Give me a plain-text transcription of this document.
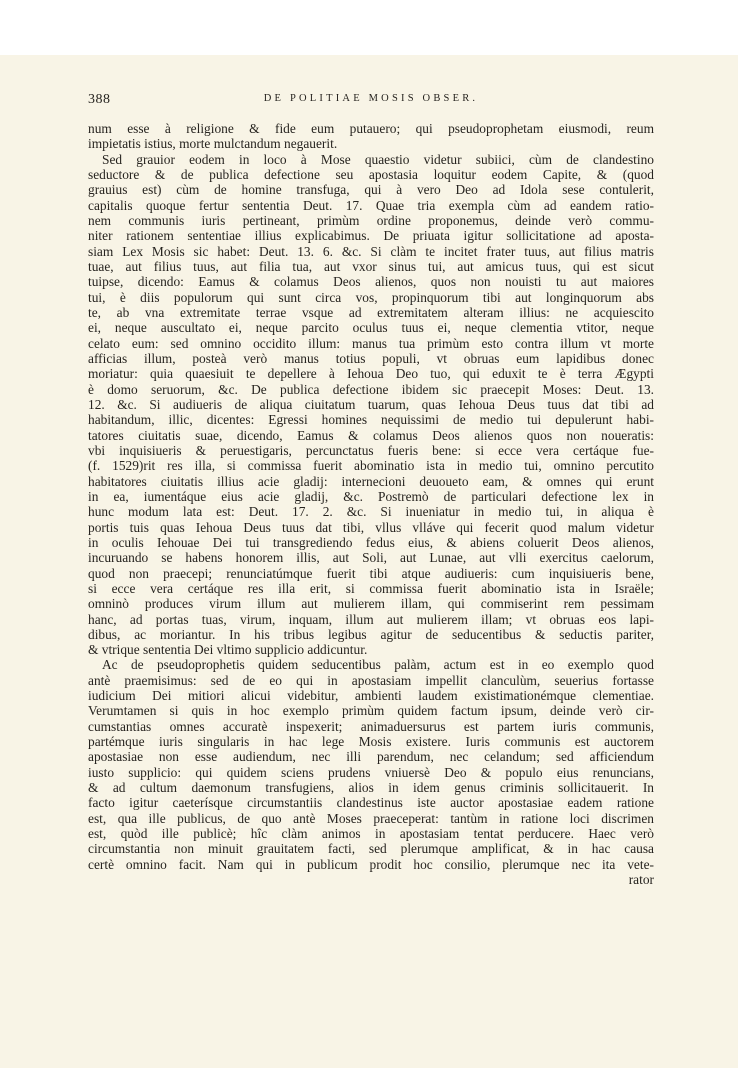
388	DE POLITIAE MOSIS OBSER.
num esse à religione & fide eum putauero; qui pseudoprophetam eiusmodi, reum
impietatis istius, morte mulctandum negauerit.
Sed grauior eodem in loco à Mose quaestio videtur subiici, cùm de clandestino
seductore & de publica defectione seu apostasia loquitur eodem Capite, & (quod
grauius est) cùm de homine transfuga, qui à vero Deo ad Idola sese contulerit,
capitalis quoque fertur sententia Deut. 17. Quae tria exempla cùm ad eandem ratio-
nem communis iuris pertineant, primùm ordine proponemus, deinde verò commu-
niter rationem sententiae illius explicabimus. De priuata igitur sollicitatione ad aposta-
siam Lex Mosis sic habet: Deut. 13. 6. &c. Si clàm te incitet frater tuus, aut filius matris
tuae, aut filius tuus, aut filia tua, aut vxor sinus tui, aut amicus tuus, qui est sicut
tuipse, dicendo: Eamus & colamus Deos alienos, quos non nouisti tu aut maiores
tui, è diis populorum qui sunt circa vos, propinquorum tibi aut longinquorum abs
te, ab vna extremitate terrae vsque ad extremitatem alteram illius: ne acquiescito
ei, neque auscultato ei, neque parcito oculus tuus ei, neque clementia vtitor, neque
celato eum: sed omnino occidito illum: manus tua primùm esto contra illum vt morte
afficias illum, posteà verò manus totius populi, vt obruas eum lapidibus donec
moriatur: quia quaesiuit te depellere à Iehoua Deo tuo, qui eduxit te è terra Ægypti
è domo seruorum, &c. De publica defectione ibidem sic praecepit Moses: Deut. 13.
12. &c. Si audiueris de aliqua ciuitatum tuarum, quas Iehoua Deus tuus dat tibi ad
habitandum, illic, dicentes: Egressi homines nequissimi de medio tui depulerunt habi-
tatores ciuitatis suae, dicendo, Eamus & colamus Deos alienos quos non noueratis:
vbi inquisiueris & peruestigaris, percunctatus fueris bene: si ecce vera certáque fue-
(f. 1529)rit res illa, si commissa fuerit abominatio ista in medio tui, omnino percutito
habitatores ciuitatis illius acie gladij: internecioni deuoueto eam, & omnes qui erunt
in ea, iumentáque eius acie gladij, &c. Postremò de particulari defectione lex in
hunc modum lata est: Deut. 17. 2. &c. Si inueniatur in medio tui, in aliqua è
portis tuis quas Iehoua Deus tuus dat tibi, vllus vlláve qui fecerit quod malum videtur
in oculis Iehouae Dei tui transgrediendo fedus eius, & abiens coluerit Deos alienos,
incuruando se habens honorem illis, aut Soli, aut Lunae, aut vlli exercitus caelorum,
quod non praecepi; renunciatúmque fuerit tibi atque audiueris: cum inquisiueris bene,
si ecce vera certáque res illa erit, si commissa fuerit abominatio ista in Israële;
omninò produces virum illum aut mulierem illam, qui commiserint rem pessimam
hanc, ad portas tuas, virum, inquam, illum aut mulierem illam; vt obruas eos lapi-
dibus, ac moriantur. In his tribus legibus agitur de seducentibus & seductis pariter,
& vtrique sententia Dei vltimo supplicio addicuntur.
Ac de pseudoprophetis quidem seducentibus palàm, actum est in eo exemplo quod
antè praemisimus: sed de eo qui in apostasiam impellit clanculùm, seuerius fortasse
iudicium Dei mitiori alicui videbitur, ambienti laudem existimationémque clementiae.
Verumtamen si quis in hoc exemplo primùm quidem factum ipsum, deinde verò cir-
cumstantias omnes accuratè inspexerit; animaduersurus est partem iuris communis,
partémque iuris singularis in hac lege Mosis existere. Iuris communis est auctorem
apostasiae non esse audiendum, nec illi parendum, nec celandum; sed afficiendum
iusto supplicio: qui quidem sciens prudens vniuersè Deo & populo eius renuncians,
& ad cultum daemonum transfugiens, alios in idem genus criminis sollicitauerit. In
facto igitur caeterísque circumstantiis clandestinus iste auctor apostasiae eadem ratione
est, qua ille publicus, de quo antè Moses praeceperat: tantùm in ratione loci discrimen
est, quòd ille publicè; hîc clàm animos in apostasiam tentat perducere. Haec verò
circumstantia non minuit grauitatem facti, sed plerumque amplificat, & in hac causa
certè omnino facit. Nam qui in publicum prodit hoc consilio, plerumque nec ita vete-
rator
